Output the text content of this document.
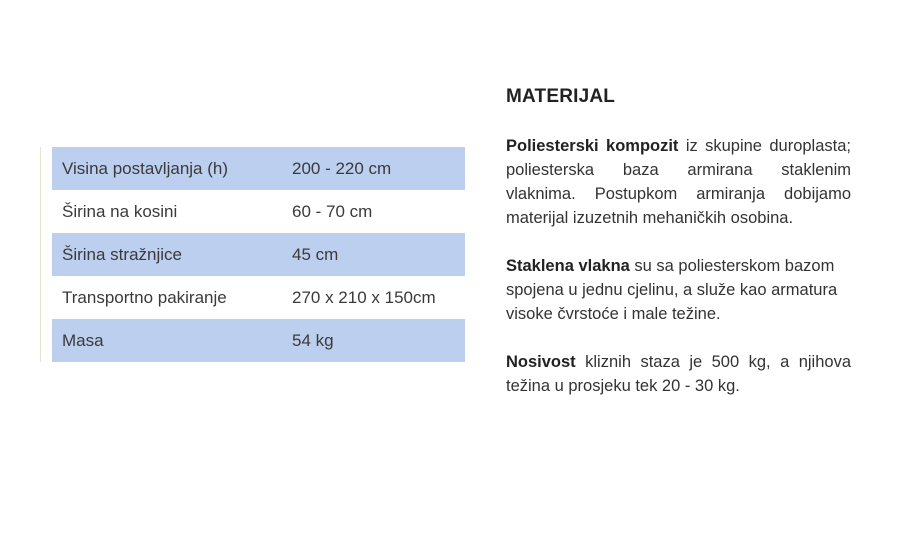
Visina postavljanja (h)	200 - 220 cm
Širina na kosini	60 - 70 cm
Širina stražnjice	45 cm
Transportno pakiranje	270 x 210 x 150cm
Masa	54 kg
MATERIJAL

Poliesterski kompozit iz skupine duroplasta; poliesterska baza armirana staklenim vlaknima. Postupkom armiranja dobijamo materijal izuzetnih mehaničkih osobina.

Staklena vlakna su sa poliesterskom bazom spojena u jednu cjelinu, a služe kao armatura visoke čvrstoće i male težine.

Nosivost kliznih staza je 500 kg, a njihova težina u prosjeku tek 20 - 30 kg.
